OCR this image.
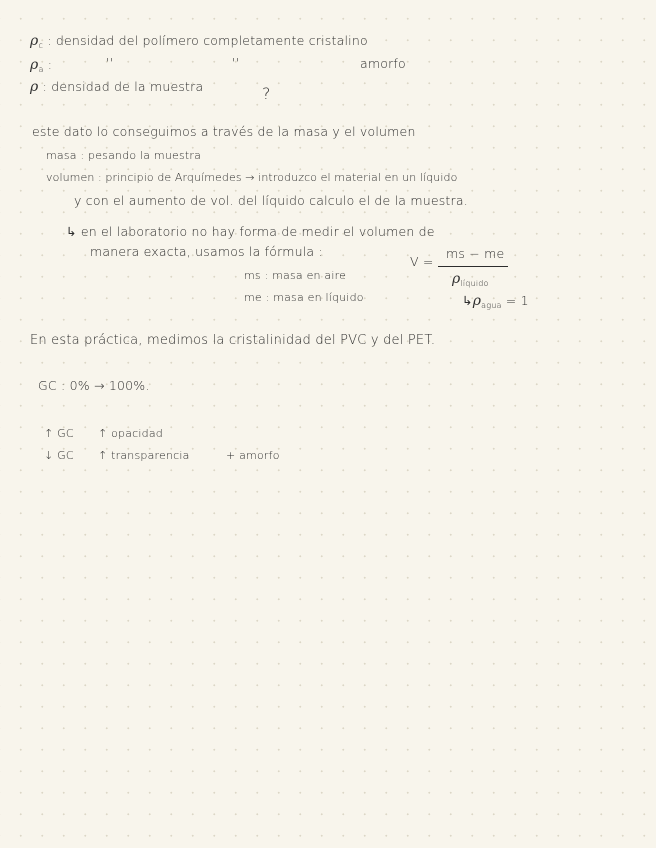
$\rho_c$ : densidad del polímero completamente cristalino
$\rho_a$ :	''	''	amorfo
ρ : densidad de la muestra	?
este dato lo conseguimos a través de la masa y el volumen
masa : pesando la muestra
volumen : principio de Arquímedes → introduzco el material en un líquido
y con el aumento de vol. del líquido calculo el de la muestra.
↳ en el laboratorio no hay forma de medir el volumen de
manera exacta, usamos la fórmula :
ms : masa en aire
me : masa en líquido
V =
ms − me
$\rho_{líquido}$
$↳\rho_{agua} = 1$
En esta práctica, medimos la cristalinidad del PVC y del PET.
GC : 0% → 100%.
↑ GC ↑ opacidad
↓ GC ↑ transparencia	+ amorfo
